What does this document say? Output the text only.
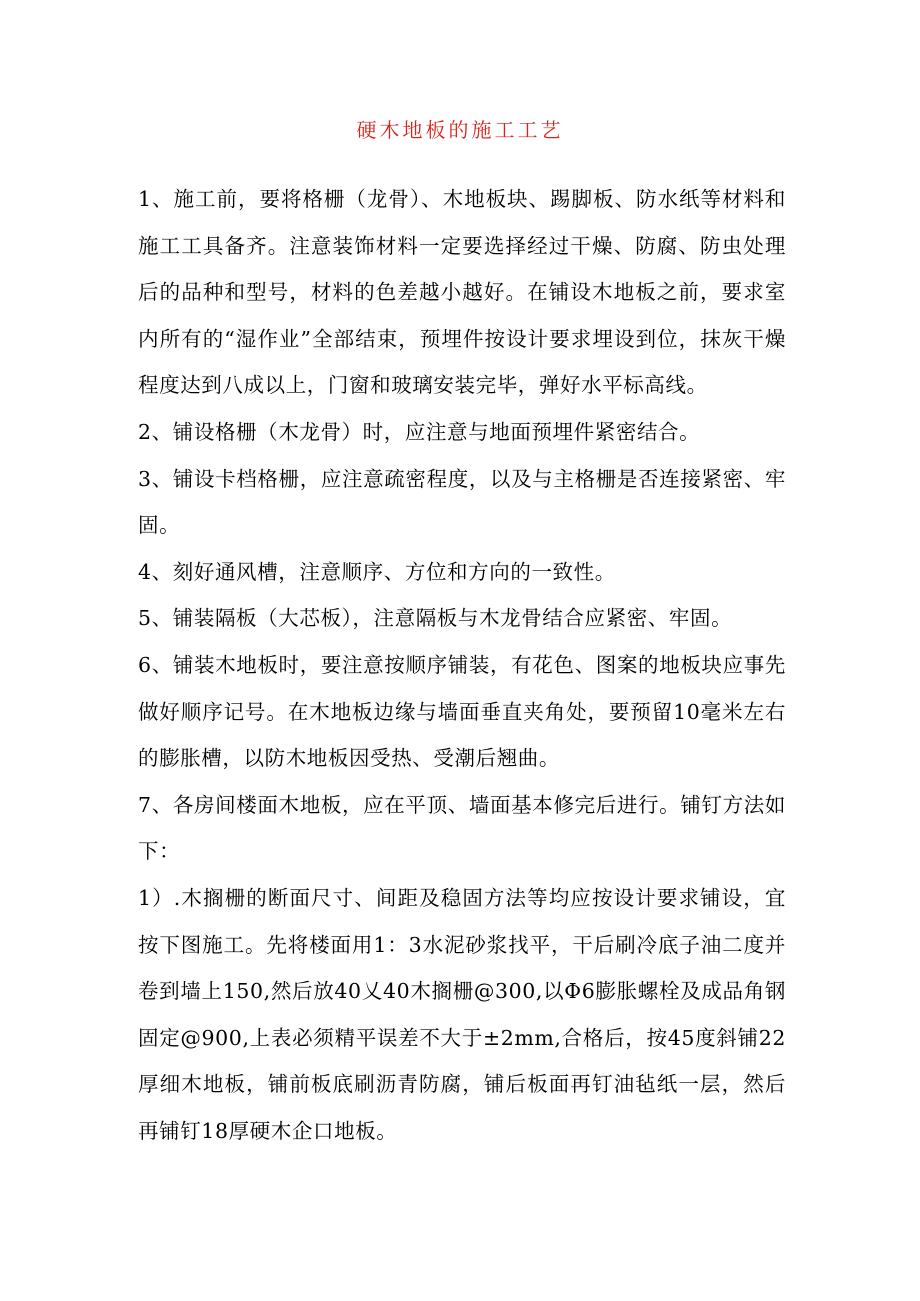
硬木地板的施工工艺

1、施工前，要将格栅（龙骨）、木地板块、踢脚板、防水纸等材料和施工工具备齐。注意装饰材料一定要选择经过干燥、防腐、防虫处理后的品种和型号，材料的色差越小越好。在铺设木地板之前，要求室内所有的“湿作业”全部结束，预埋件按设计要求埋设到位，抹灰干燥程度达到八成以上，门窗和玻璃安装完毕，弹好水平标高线。

2、铺设格栅（木龙骨）时，应注意与地面预埋件紧密结合。

3、铺设卡档格栅，应注意疏密程度，以及与主格栅是否连接紧密、牢固。

4、刻好通风槽，注意顺序、方位和方向的一致性。

5、铺装隔板（大芯板），注意隔板与木龙骨结合应紧密、牢固。

6、铺装木地板时，要注意按顺序铺装，有花色、图案的地板块应事先做好顺序记号。在木地板边缘与墙面垂直夹角处，要预留10毫米左右的膨胀槽，以防木地板因受热、受潮后翘曲。

7、各房间楼面木地板，应在平顶、墙面基本修完后进行。铺钉方法如下：

1）.木搁栅的断面尺寸、间距及稳固方法等均应按设计要求铺设，宜按下图施工。先将楼面用1：3水泥砂浆找平，干后刷冷底子油二度并卷到墙上150,然后放40乂40木搁栅@300,以Φ6膨胀螺栓及成品角钢固定@900,上表必须精平误差不大于±2mm,合格后，按45度斜铺22厚细木地板，铺前板底刷沥青防腐，铺后板面再钉油毡纸一层，然后再铺钉18厚硬木企口地板。
